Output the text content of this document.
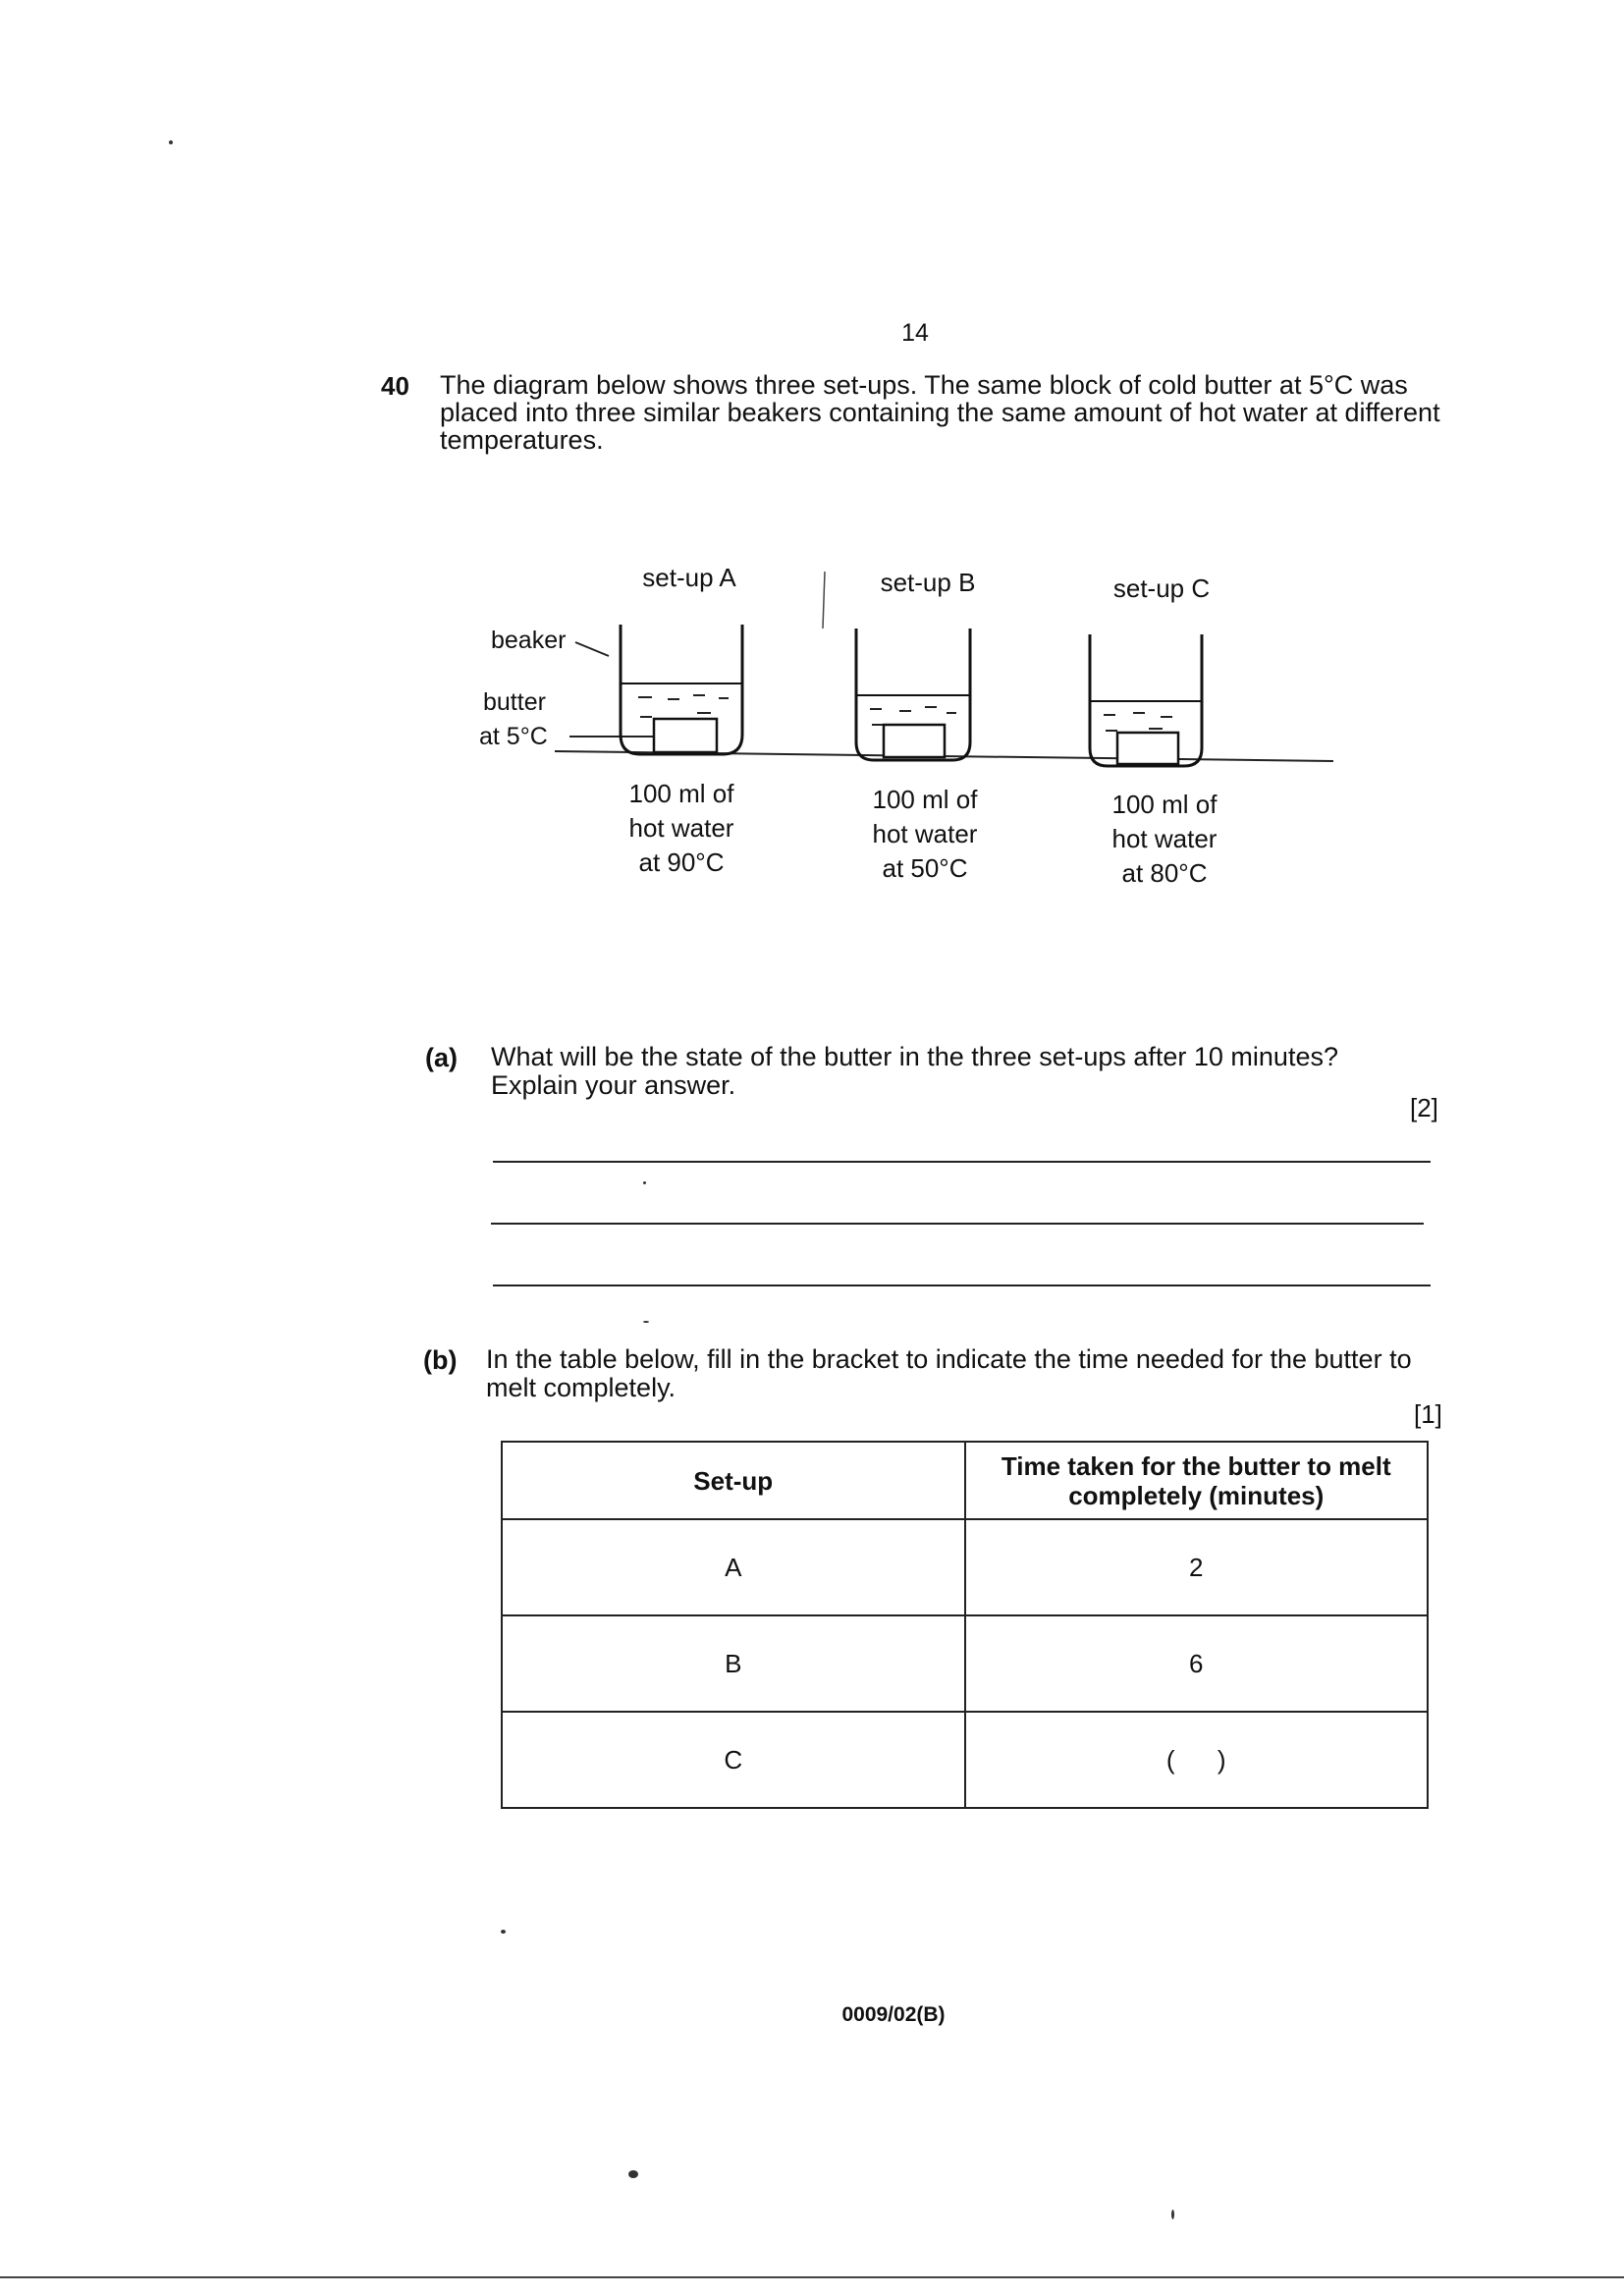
14
40 The diagram below shows three set-ups. The same block of cold butter at 5°C was placed into three similar beakers containing the same amount of hot water at different temperatures.
set-up A	set-up B	set-up C
beaker
butter
at 5°C
100 ml of
hot water
at 90°C
100 ml of
hot water
at 50°C
100 ml of
hot water
at 80°C
(a) What will be the state of the butter in the three set-ups after 10 minutes? Explain your answer.
[2]
(b) In the table below, fill in the bracket to indicate the time needed for the butter to melt completely.
[1]
Set-up	Time taken for the butter to melt completely (minutes)
A	2
B	6
C	(      )
0009/02(B)
